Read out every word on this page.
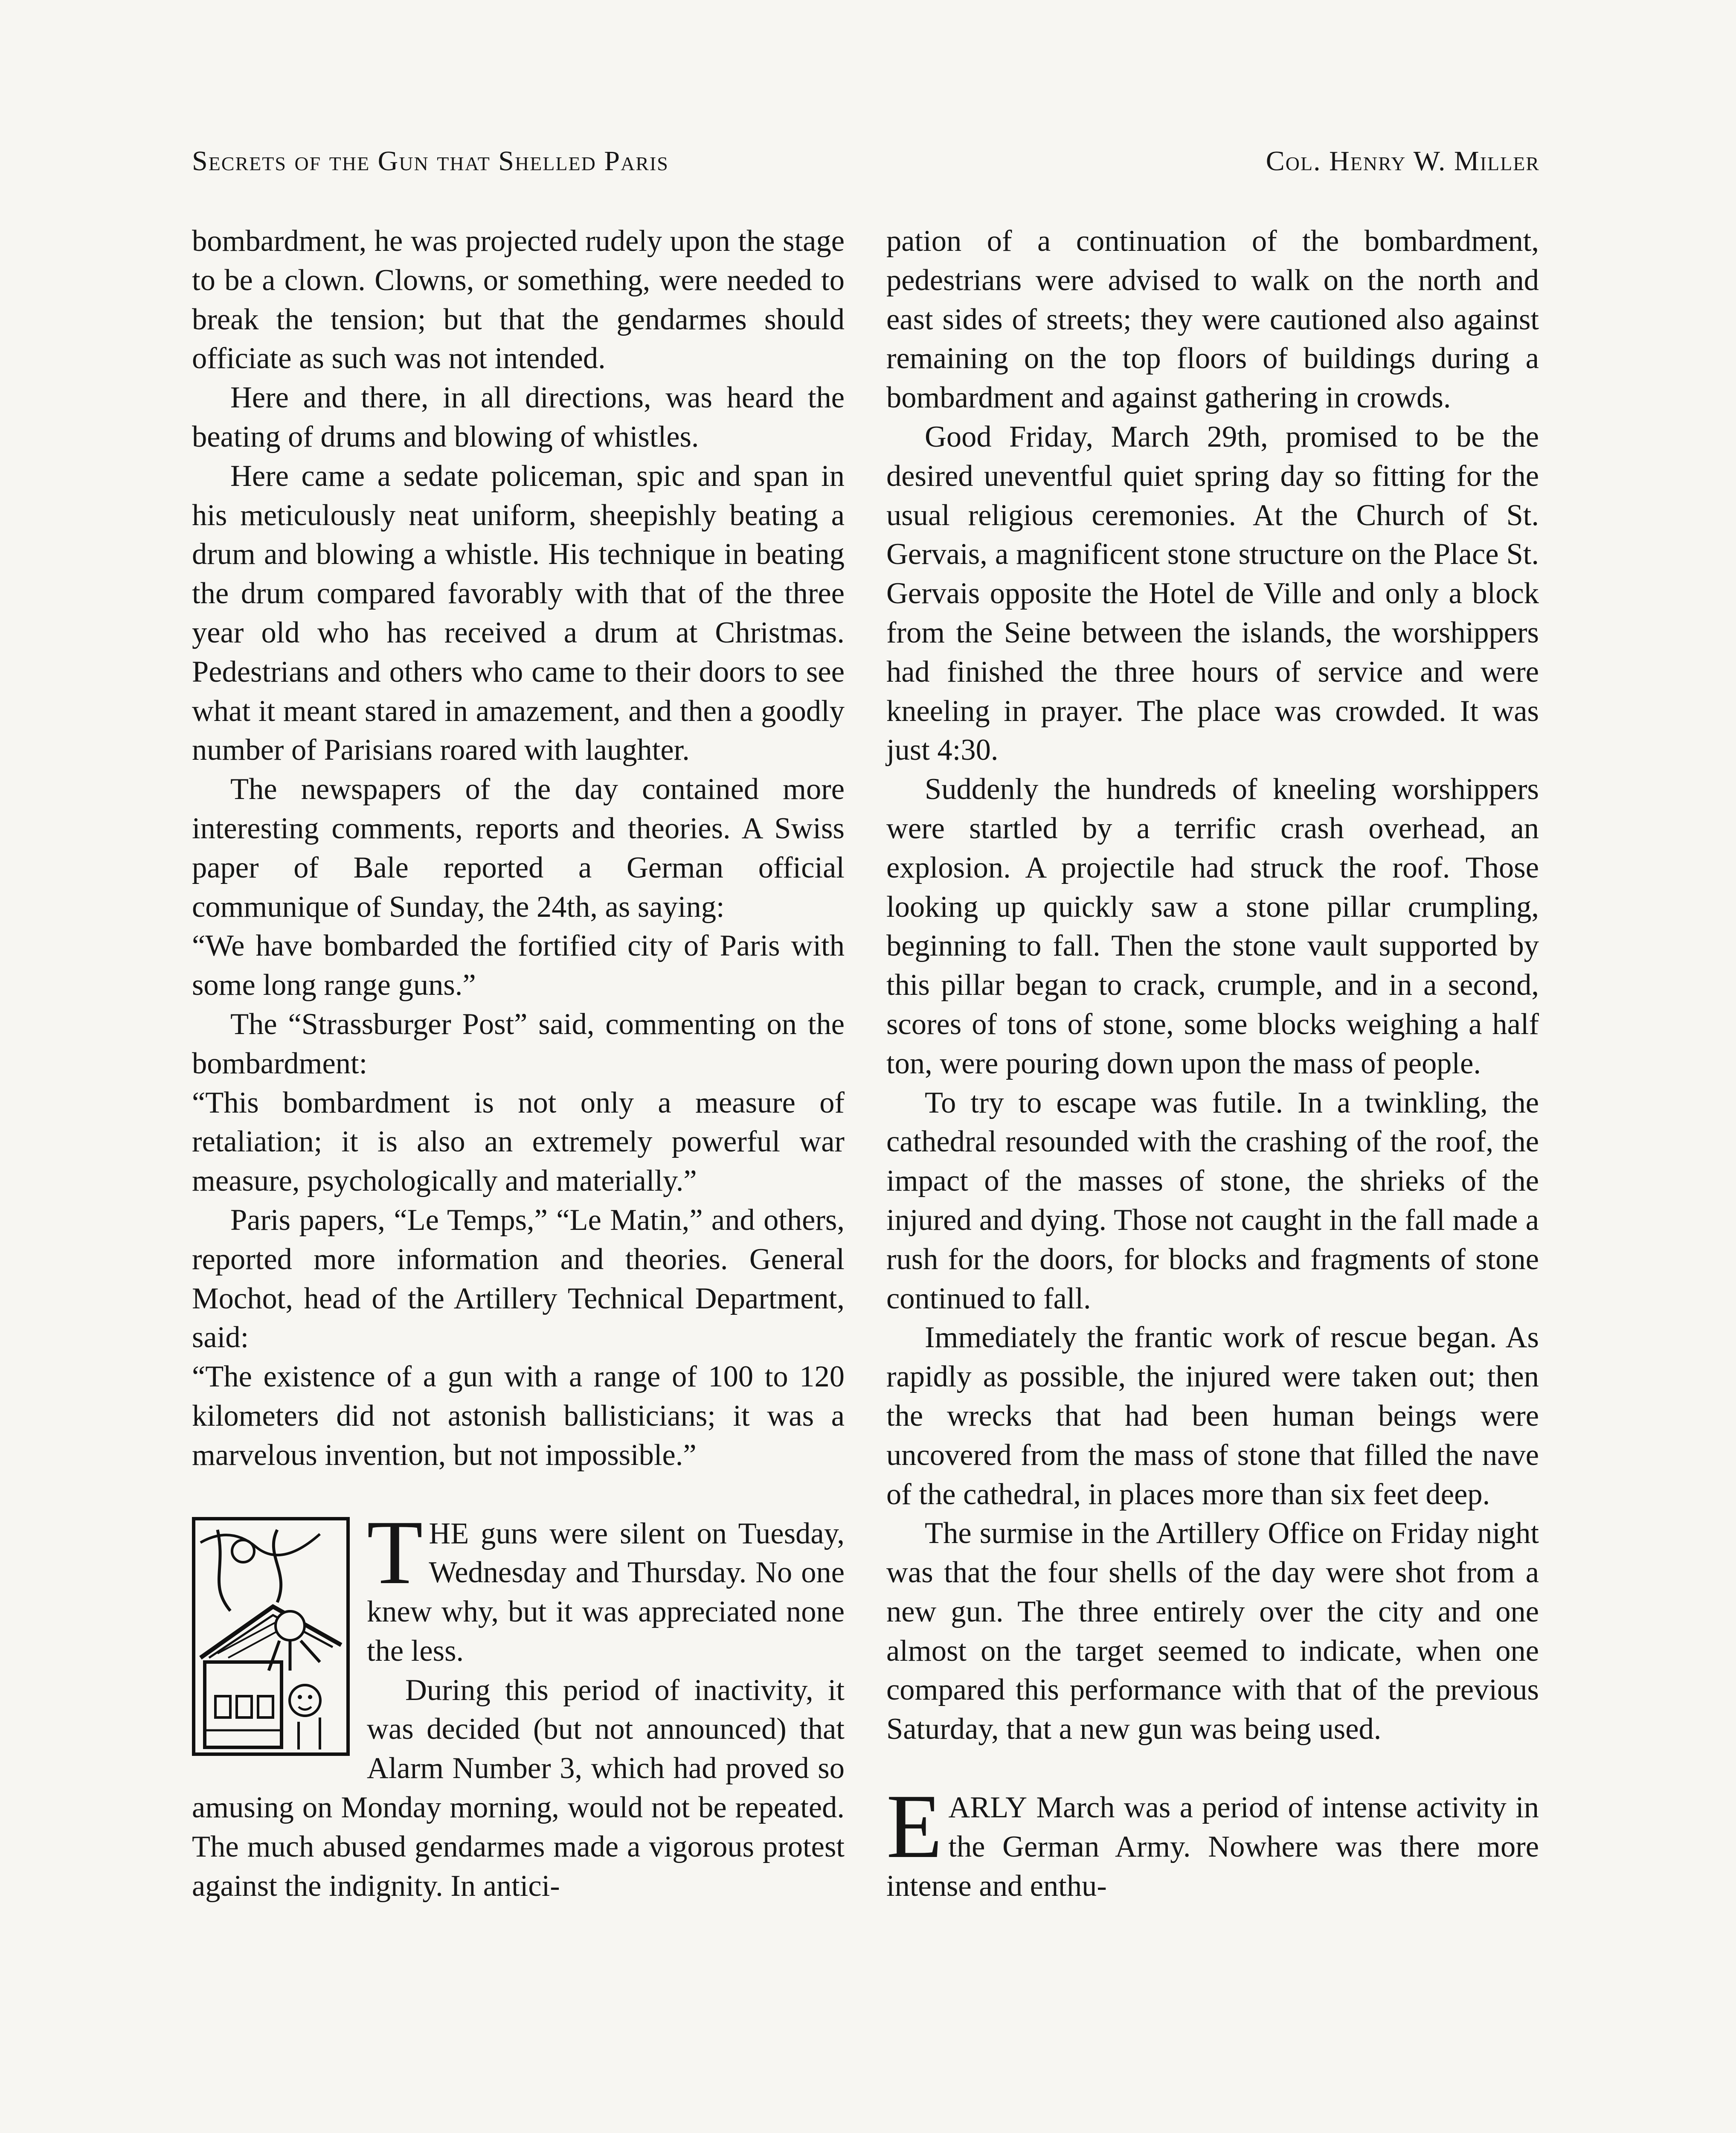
Secrets of the Gun that Shelled Paris	Col. Henry W. Miller

bombardment, he was projected rudely upon the stage to be a clown. Clowns, or something, were needed to break the tension; but that the gendarmes should officiate as such was not intended.

Here and there, in all directions, was heard the beating of drums and blowing of whistles.

Here came a sedate policeman, spic and span in his meticulously neat uniform, sheepishly beating a drum and blowing a whistle. His technique in beating the drum compared favorably with that of the three year old who has received a drum at Christmas. Pedestrians and others who came to their doors to see what it meant stared in amazement, and then a goodly number of Parisians roared with laughter.

The newspapers of the day contained more interesting comments, reports and theories. A Swiss paper of Bale reported a German official communique of Sunday, the 24th, as saying:

“We have bombarded the fortified city of Paris with some long range guns.”

The “Strassburger Post” said, commenting on the bombardment:

“This bombardment is not only a measure of retaliation; it is also an extremely powerful war measure, psychologically and materially.”

Paris papers, “Le Temps,” “Le Matin,” and others, reported more information and theories. General Mochot, head of the Artillery Technical Department, said:

“The existence of a gun with a range of 100 to 120 kilometers did not astonish ballisticians; it was a marvelous invention, but not impossible.”

THE guns were silent on Tuesday, Wednesday and Thursday. No one knew why, but it was appreciated none the less.

During this period of inactivity, it was decided (but not announced) that Alarm Number 3, which had proved so amusing on Monday morning, would not be repeated. The much abused gendarmes made a vigorous protest against the indignity. In antici-

pation of a continuation of the bombardment, pedestrians were advised to walk on the north and east sides of streets; they were cautioned also against remaining on the top floors of buildings during a bombardment and against gathering in crowds.

Good Friday, March 29th, promised to be the desired uneventful quiet spring day so fitting for the usual religious ceremonies. At the Church of St. Gervais, a magnificent stone structure on the Place St. Gervais opposite the Hotel de Ville and only a block from the Seine between the islands, the worshippers had finished the three hours of service and were kneeling in prayer. The place was crowded. It was just 4:30.

Suddenly the hundreds of kneeling worshippers were startled by a terrific crash overhead, an explosion. A projectile had struck the roof. Those looking up quickly saw a stone pillar crumpling, beginning to fall. Then the stone vault supported by this pillar began to crack, crumple, and in a second, scores of tons of stone, some blocks weighing a half ton, were pouring down upon the mass of people.

To try to escape was futile. In a twinkling, the cathedral resounded with the crashing of the roof, the impact of the masses of stone, the shrieks of the injured and dying. Those not caught in the fall made a rush for the doors, for blocks and fragments of stone continued to fall.

Immediately the frantic work of rescue began. As rapidly as possible, the injured were taken out; then the wrecks that had been human beings were uncovered from the mass of stone that filled the nave of the cathedral, in places more than six feet deep.

The surmise in the Artillery Office on Friday night was that the four shells of the day were shot from a new gun. The three entirely over the city and one almost on the target seemed to indicate, when one compared this performance with that of the previous Saturday, that a new gun was being used.

EARLY March was a period of intense activity in the German Army. Nowhere was there more intense and enthu-
